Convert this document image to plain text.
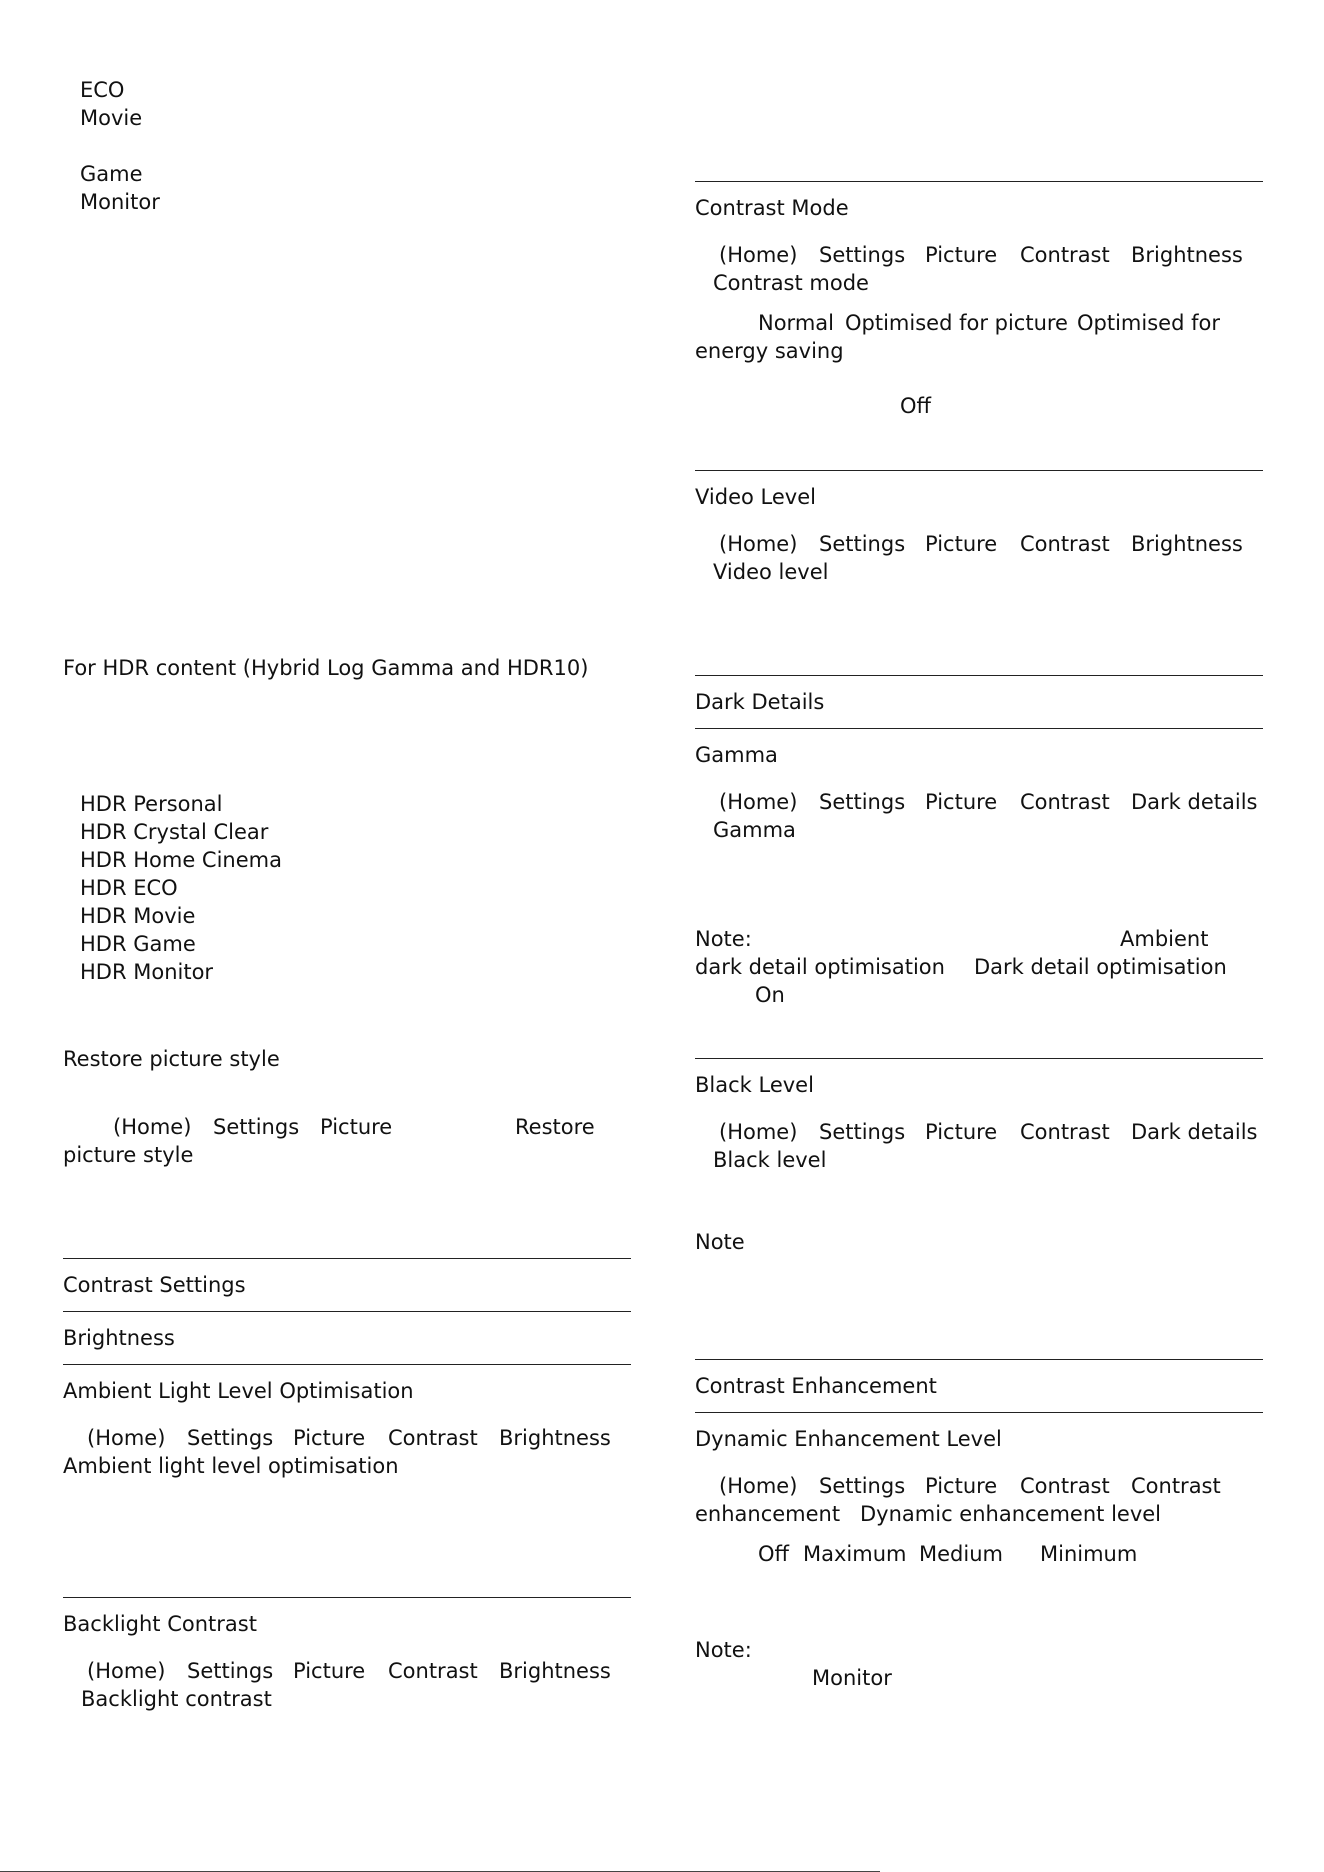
ECO
Movie
Game
Monitor
For HDR content (Hybrid Log Gamma and HDR10)
HDR Personal
HDR Crystal Clear
HDR Home Cinema
HDR ECO
HDR Movie
HDR Game
HDR Monitor
Restore picture style
(Home) Settings Picture	Restore
picture style
Contrast Settings
Brightness
Ambient Light Level Optimisation
(Home) Settings Picture Contrast Brightness
Ambient light level optimisation
Backlight Contrast
(Home) Settings Picture Contrast Brightness
Backlight contrast
Contrast Mode
(Home) Settings Picture Contrast Brightness
Contrast mode
Normal Optimised for picture Optimised for
energy saving
Off
Video Level
(Home) Settings Picture Contrast Brightness
Video level
Dark Details
Gamma
(Home) Settings Picture Contrast Dark details
Gamma
Note:	Ambient
dark detail optimisation Dark detail optimisation
On
Black Level
(Home) Settings Picture Contrast Dark details
Black level
Note
Contrast Enhancement
Dynamic Enhancement Level
(Home) Settings Picture Contrast Contrast
enhancement Dynamic enhancement level
Off Maximum Medium Minimum
Note:
Monitor
